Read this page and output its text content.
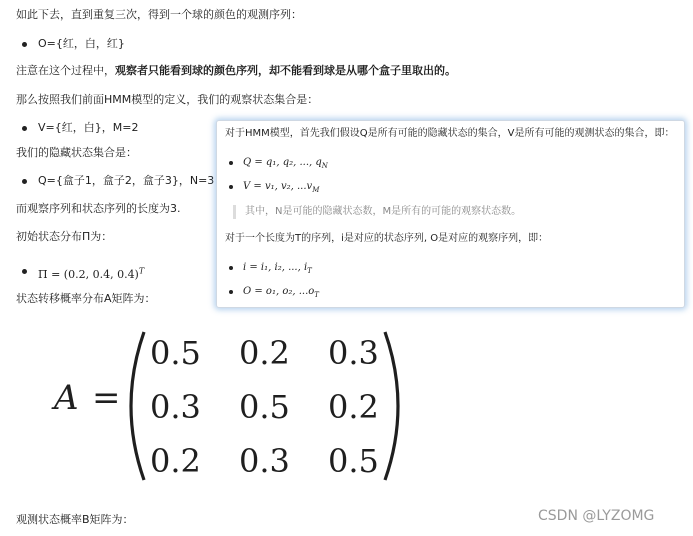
如此下去，直到重复三次，得到一个球的颜色的观测序列：
O={红，白，红}
注意在这个过程中，观察者只能看到球的颜色序列，却不能看到球是从哪个盒子里取出的。
那么按照我们前面HMM模型的定义，我们的观察状态集合是：
V={红，白}，M=2
我们的隐藏状态集合是：
Q={盒子1，盒子2，盒子3}，N=3
而观察序列和状态序列的长度为3.
初始状态分布Π为：
Π = (0.2, 0.4, 0.4)$^T$
状态转移概率分布A矩阵为：
对于HMM模型，首先我们假设Q是所有可能的隐藏状态的集合，V是所有可能的观测状态的集合，即：
Q = q₁, q₂, ..., $q_N$
V = v₁, v₂, $...v_M$
其中，N是可能的隐藏状态数，M是所有的可能的观察状态数。
对于一个长度为T的序列，i是对应的状态序列, O是对应的观察序列，即：
i = i₁, i₂, ..., $i_T$
O = o₁, o₂, $...o_T$
A =
0.5 0.2 0.3
0.3 0.5 0.2
0.2 0.3 0.5
观测状态概率B矩阵为：	CSDN @LYZOMG
